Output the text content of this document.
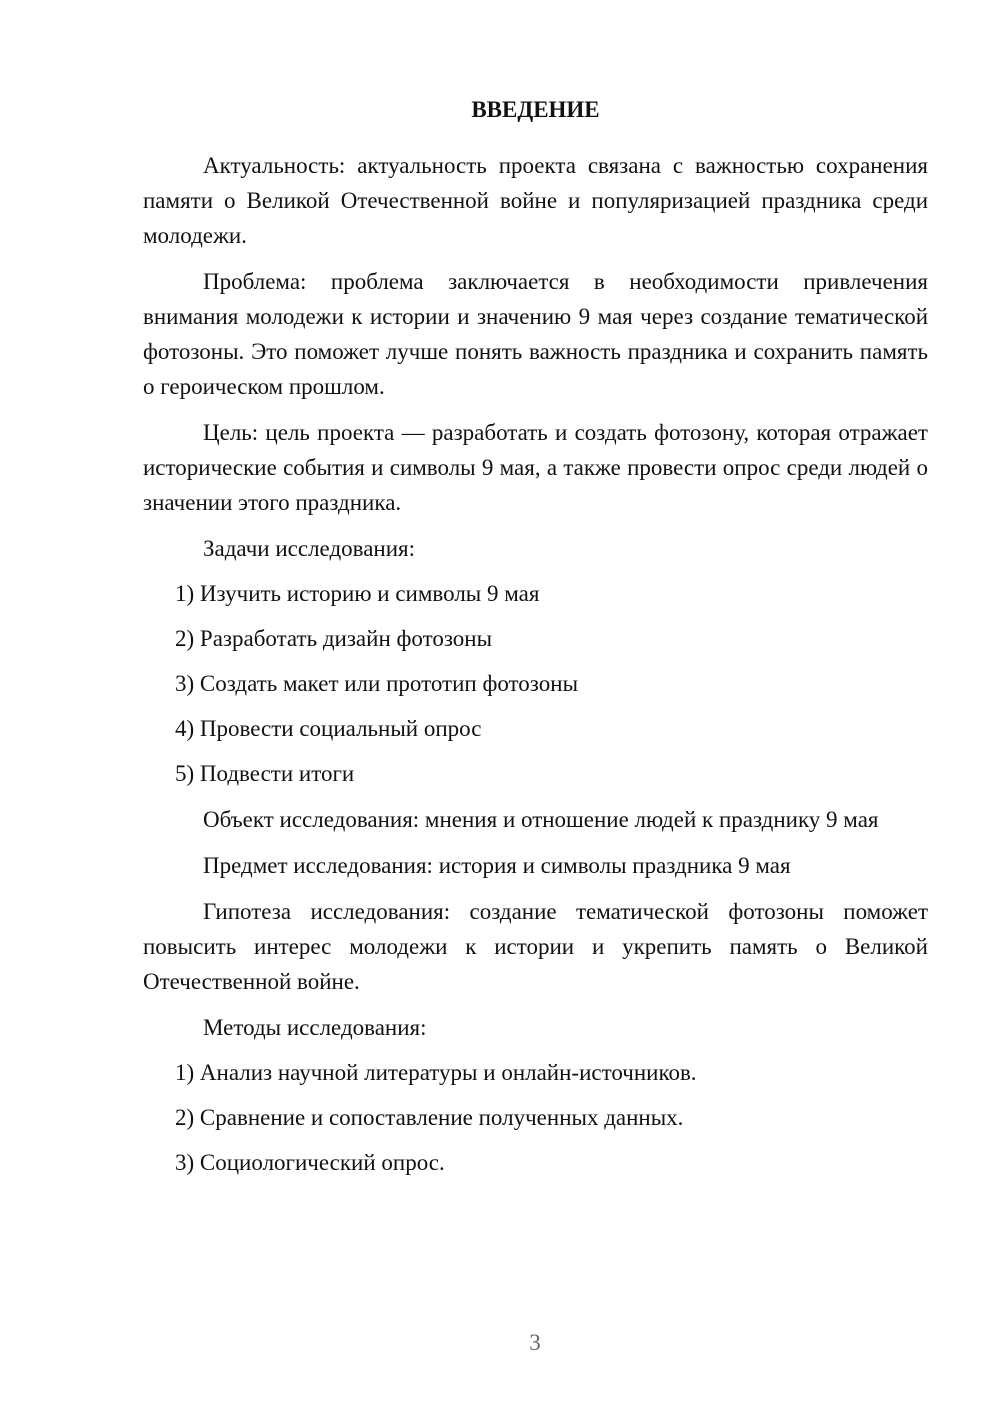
ВВЕДЕНИЕ
Актуальность: актуальность проекта связана с важностью сохранения памяти о Великой Отечественной войне и популяризацией праздника среди молодежи.
Проблема: проблема заключается в необходимости привлечения внимания молодежи к истории и значению 9 мая через создание тематической фотозоны. Это поможет лучше понять важность праздника и сохранить память о героическом прошлом.
Цель: цель проекта — разработать и создать фотозону, которая отражает исторические события и символы 9 мая, а также провести опрос среди людей о значении этого праздника.
Задачи исследования:
1) Изучить историю и символы 9 мая
2) Разработать дизайн фотозоны
3) Создать макет или прототип фотозоны
4) Провести социальный опрос
5) Подвести итоги
Объект исследования: мнения и отношение людей к празднику 9 мая
Предмет исследования: история и символы праздника 9 мая
Гипотеза исследования: создание тематической фотозоны поможет повысить интерес молодежи к истории и укрепить память о Великой Отечественной войне.
Методы исследования:
1) Анализ научной литературы и онлайн-источников.
2) Сравнение и сопоставление полученных данных.
3) Социологический опрос.
3
